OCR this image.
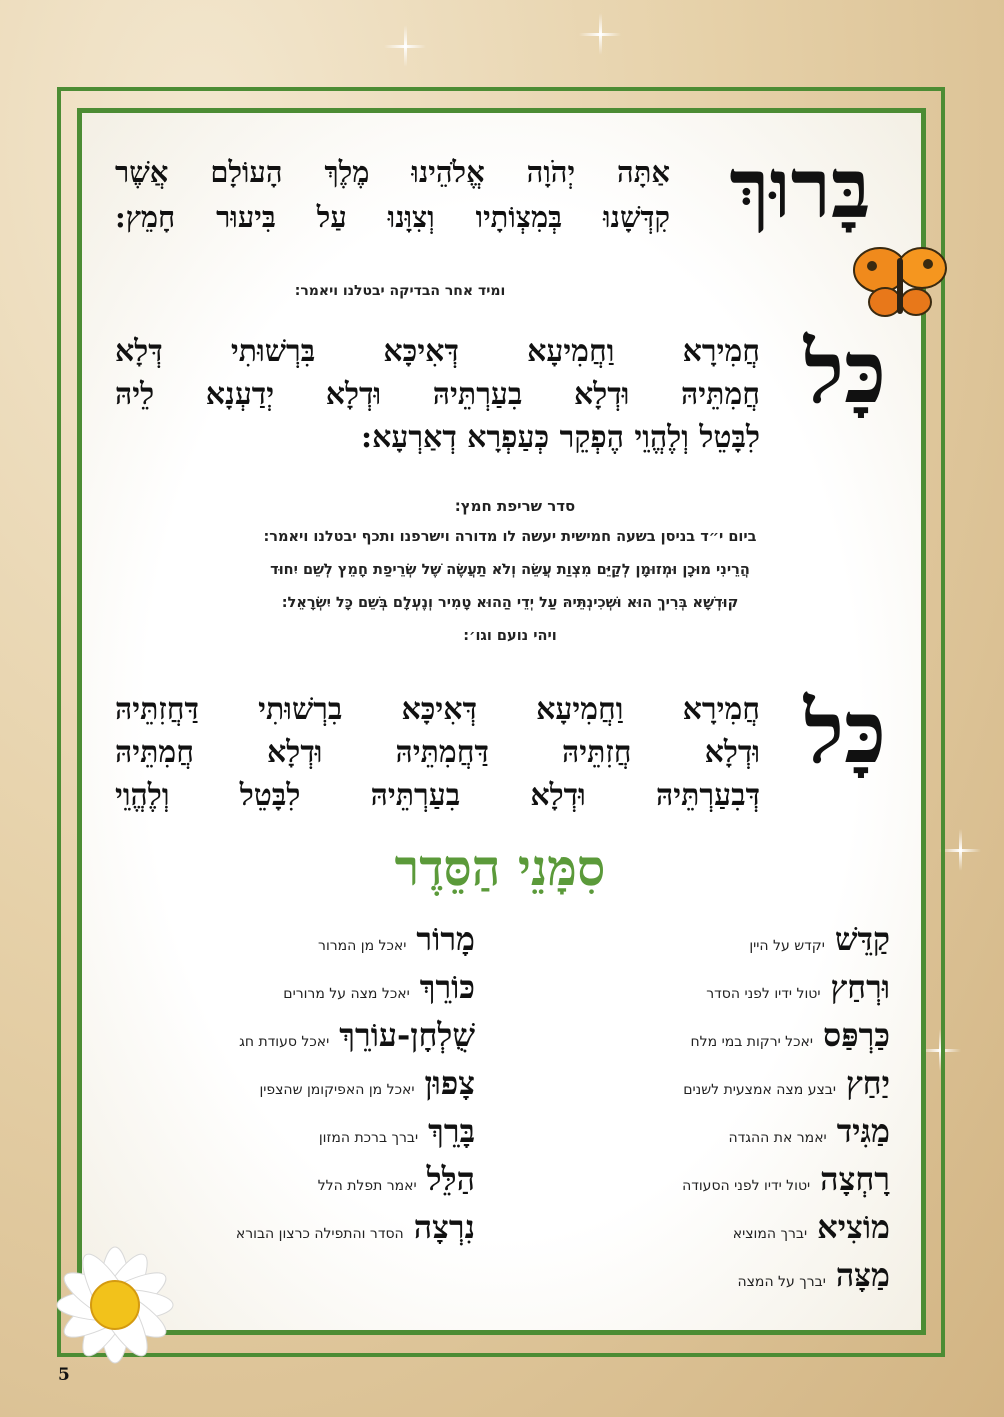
בָּרוּךְ
אַתָּה יְהֹוָה אֱלֹהֵינוּ מֶלֶךְ הָעוֹלָם אֲשֶׁר
קִדְּשָׁנוּ בְּמִצְוֹתָיו וְצִוָּנוּ עַל בִּיעוּר חָמֵץ:
ומיד אחר הבדיקה יבטלנו ויאמר:
כָּל
חֲמִירָא וַחֲמִיעָא דְּאִיכָּא בִּרְשׁוּתִי דְּלָא
חֲמִתֵּיהּ וּדְלָא בִעַרְתֵּיהּ וּדְלָא יְדַעְנָא לֵיהּ
לִבָּטֵל וְלֶהֱוֵי הֶפְקֵר כְּעַפְרָא דְאַרְעָא:
סדר שריפת חמץ:
ביום י״ד בניסן בשעה חמישית יעשה לו מדורה וישרפנו ותכף יבטלנו ויאמר:
הֲרֵינִי מוּכָן וּמְזוּמָן לְקַיֵּם מִצְוַת עֲשֵׂה וְלֹא תַעֲשֶׂה שֶׁל שְׂרֵיפַת חָמֵץ לְשֵׁם יִחוּד
קוּדְשָׁא בְּרִיךְ הוּא וּשְׁכִינְתֵּיהּ עַל יְדֵי הַהוּא טָמִיר וְנֶעְלָם בְּשֵׁם כָּל יִשְׂרָאֵל:
ויהי נועם וגו׳:
כָּל
חֲמִירָא וַחֲמִיעָא דְּאִיכָּא בִרְשׁוּתִי דַּחֲזִתֵּיהּ
וּדְלָא חֲזִתֵּיהּ דַּחֲמִתֵּיהּ וּדְלָא חֲמִתֵּיהּ
דְּבִעַרְתֵּיהּ וּדְלָא בִעַרְתֵּיהּ לִבָּטֵל וְלֶהֱוֵי
סִמָּנֵי הַסֵּדֶר
קַדֵּשׁ
יקדש על היין
וּרְחַץ
יטול ידיו לפני הסדר
כַּרְפַּס
יאכל ירקות במי מלח
יַחַץ
יבצע מצה אמצעית לשנים
מַגִּיד
יאמר את ההגדה
רָחְצָה
יטול ידיו לפני הסעודה
מוֹצִיא
יברך המוציא
מַצָּה
יברך על המצה
מָרוֹר
יאכל מן המרור
כּוֹרֵךְ
יאכל מצה על מרורים
שֻׁלְחָן-עוֹרֵךְ
יאכל סעודת חג
צָפוּן
יאכל מן האפיקומן שהצפין
בָּרֵךְ
יברך ברכת המזון
הַלֵּל
יאמר תפלת הלל
נִרְצָה
הסדר והתפילה כרצון הבורא
5
